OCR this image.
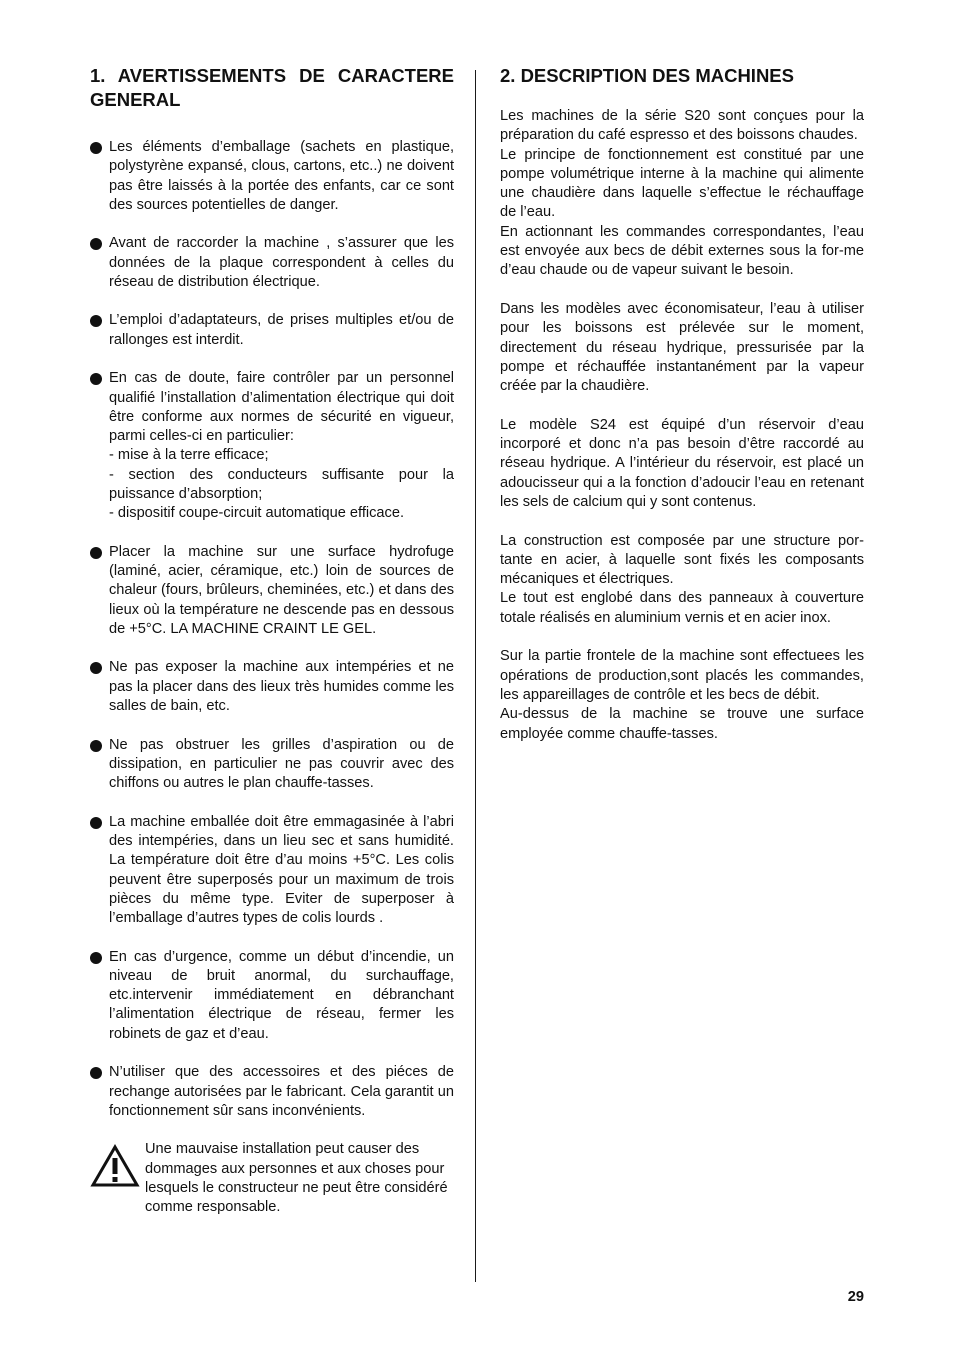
1. AVERTISSEMENTS DE CARACTERE GENERAL
Les éléments d’emballage (sachets en plastique, polystyrène expansé, clous, cartons, etc..) ne doivent pas être laissés à la portée des enfants, car ce sont des sources potentielles de danger.
Avant de raccorder la machine , s’assurer que les données de la plaque correspondent à celles du réseau de distribution électrique.
L’emploi d’adaptateurs, de prises multiples et/ou de rallonges est interdit.
En cas de doute, faire contrôler par un personnel qualifié l’installation d’alimentation électrique qui doit être conforme aux normes de sécurité en vigueur, parmi celles-ci en particulier:
- mise à la terre efficace;
- section des conducteurs suffisante pour la puissance d’absorption;
- dispositif coupe-circuit automatique efficace.
Placer la machine sur une surface hydrofuge (laminé, acier, céramique, etc.) loin de sources de chaleur (fours, brûleurs, cheminées, etc.) et dans des lieux où la température ne descende pas en dessous de +5°C. LA MACHINE CRAINT LE GEL.
Ne pas exposer la machine aux intempéries et ne pas la placer dans des lieux très humides comme les salles de bain, etc.
Ne pas obstruer les grilles d’aspiration ou de dissipation, en particulier ne pas couvrir avec des chiffons ou autres le plan chauffe-tasses.
La machine emballée doit être emmagasinée à l’abri des intempéries, dans un lieu sec et sans humidité. La température doit être d’au moins +5°C. Les colis peuvent être superposés pour un maximum de trois pièces du même type. Eviter de superposer à l’emballage d’autres types de colis lourds .
En cas d’urgence, comme un début d’incendie, un niveau de bruit anormal, du surchauffage, etc.intervenir immédiatement en débranchant l’alimentation électrique de réseau, fermer les robinets de gaz et d’eau.
N’utiliser que des accessoires et des piéces de rechange autorisées par le fabricant. Cela garantit un fonctionnement sûr sans inconvénients.
Une mauvaise installation peut causer des dommages aux personnes et aux choses pour lesquels le constructeur ne peut être considéré comme responsable.
2. DESCRIPTION DES MACHINES

Les machines de la série S20 sont conçues pour la préparation du café espresso et des boissons chaudes.
Le principe de fonctionnement est constitué par une pompe volumétrique interne à la machine qui alimente une chaudière dans laquelle s’effectue le réchauffage de l’eau.
En actionnant les commandes correspondantes, l’eau est envoyée aux becs de débit externes sous la for-me d’eau chaude ou de vapeur suivant le besoin.

Dans les modèles avec économisateur, l’eau à utiliser pour les boissons est prélevée sur le moment, directement du réseau hydrique, pressurisée par la pompe et réchauffée instantanément par la vapeur créée par la chaudière.

Le modèle S24 est équipé d’un réservoir d’eau incorporé et donc n’a pas besoin d’être raccordé au réseau hydrique. A l’intérieur du réservoir, est placé un adoucisseur qui a la fonction d’adoucir l’eau en retenant les sels de calcium qui y sont contenus.

La construction est composée par une structure por-tante en acier, à laquelle sont fixés les composants mécaniques et électriques.
Le tout est englobé dans des panneaux à couverture totale réalisés en aluminium vernis et en acier inox.

Sur la partie frontele de la machine sont effectuees les opérations de production,sont placés les commandes, les appareillages de contrôle et les becs de débit.
Au-dessus de la machine se trouve une surface employée comme chauffe-tasses.

29
